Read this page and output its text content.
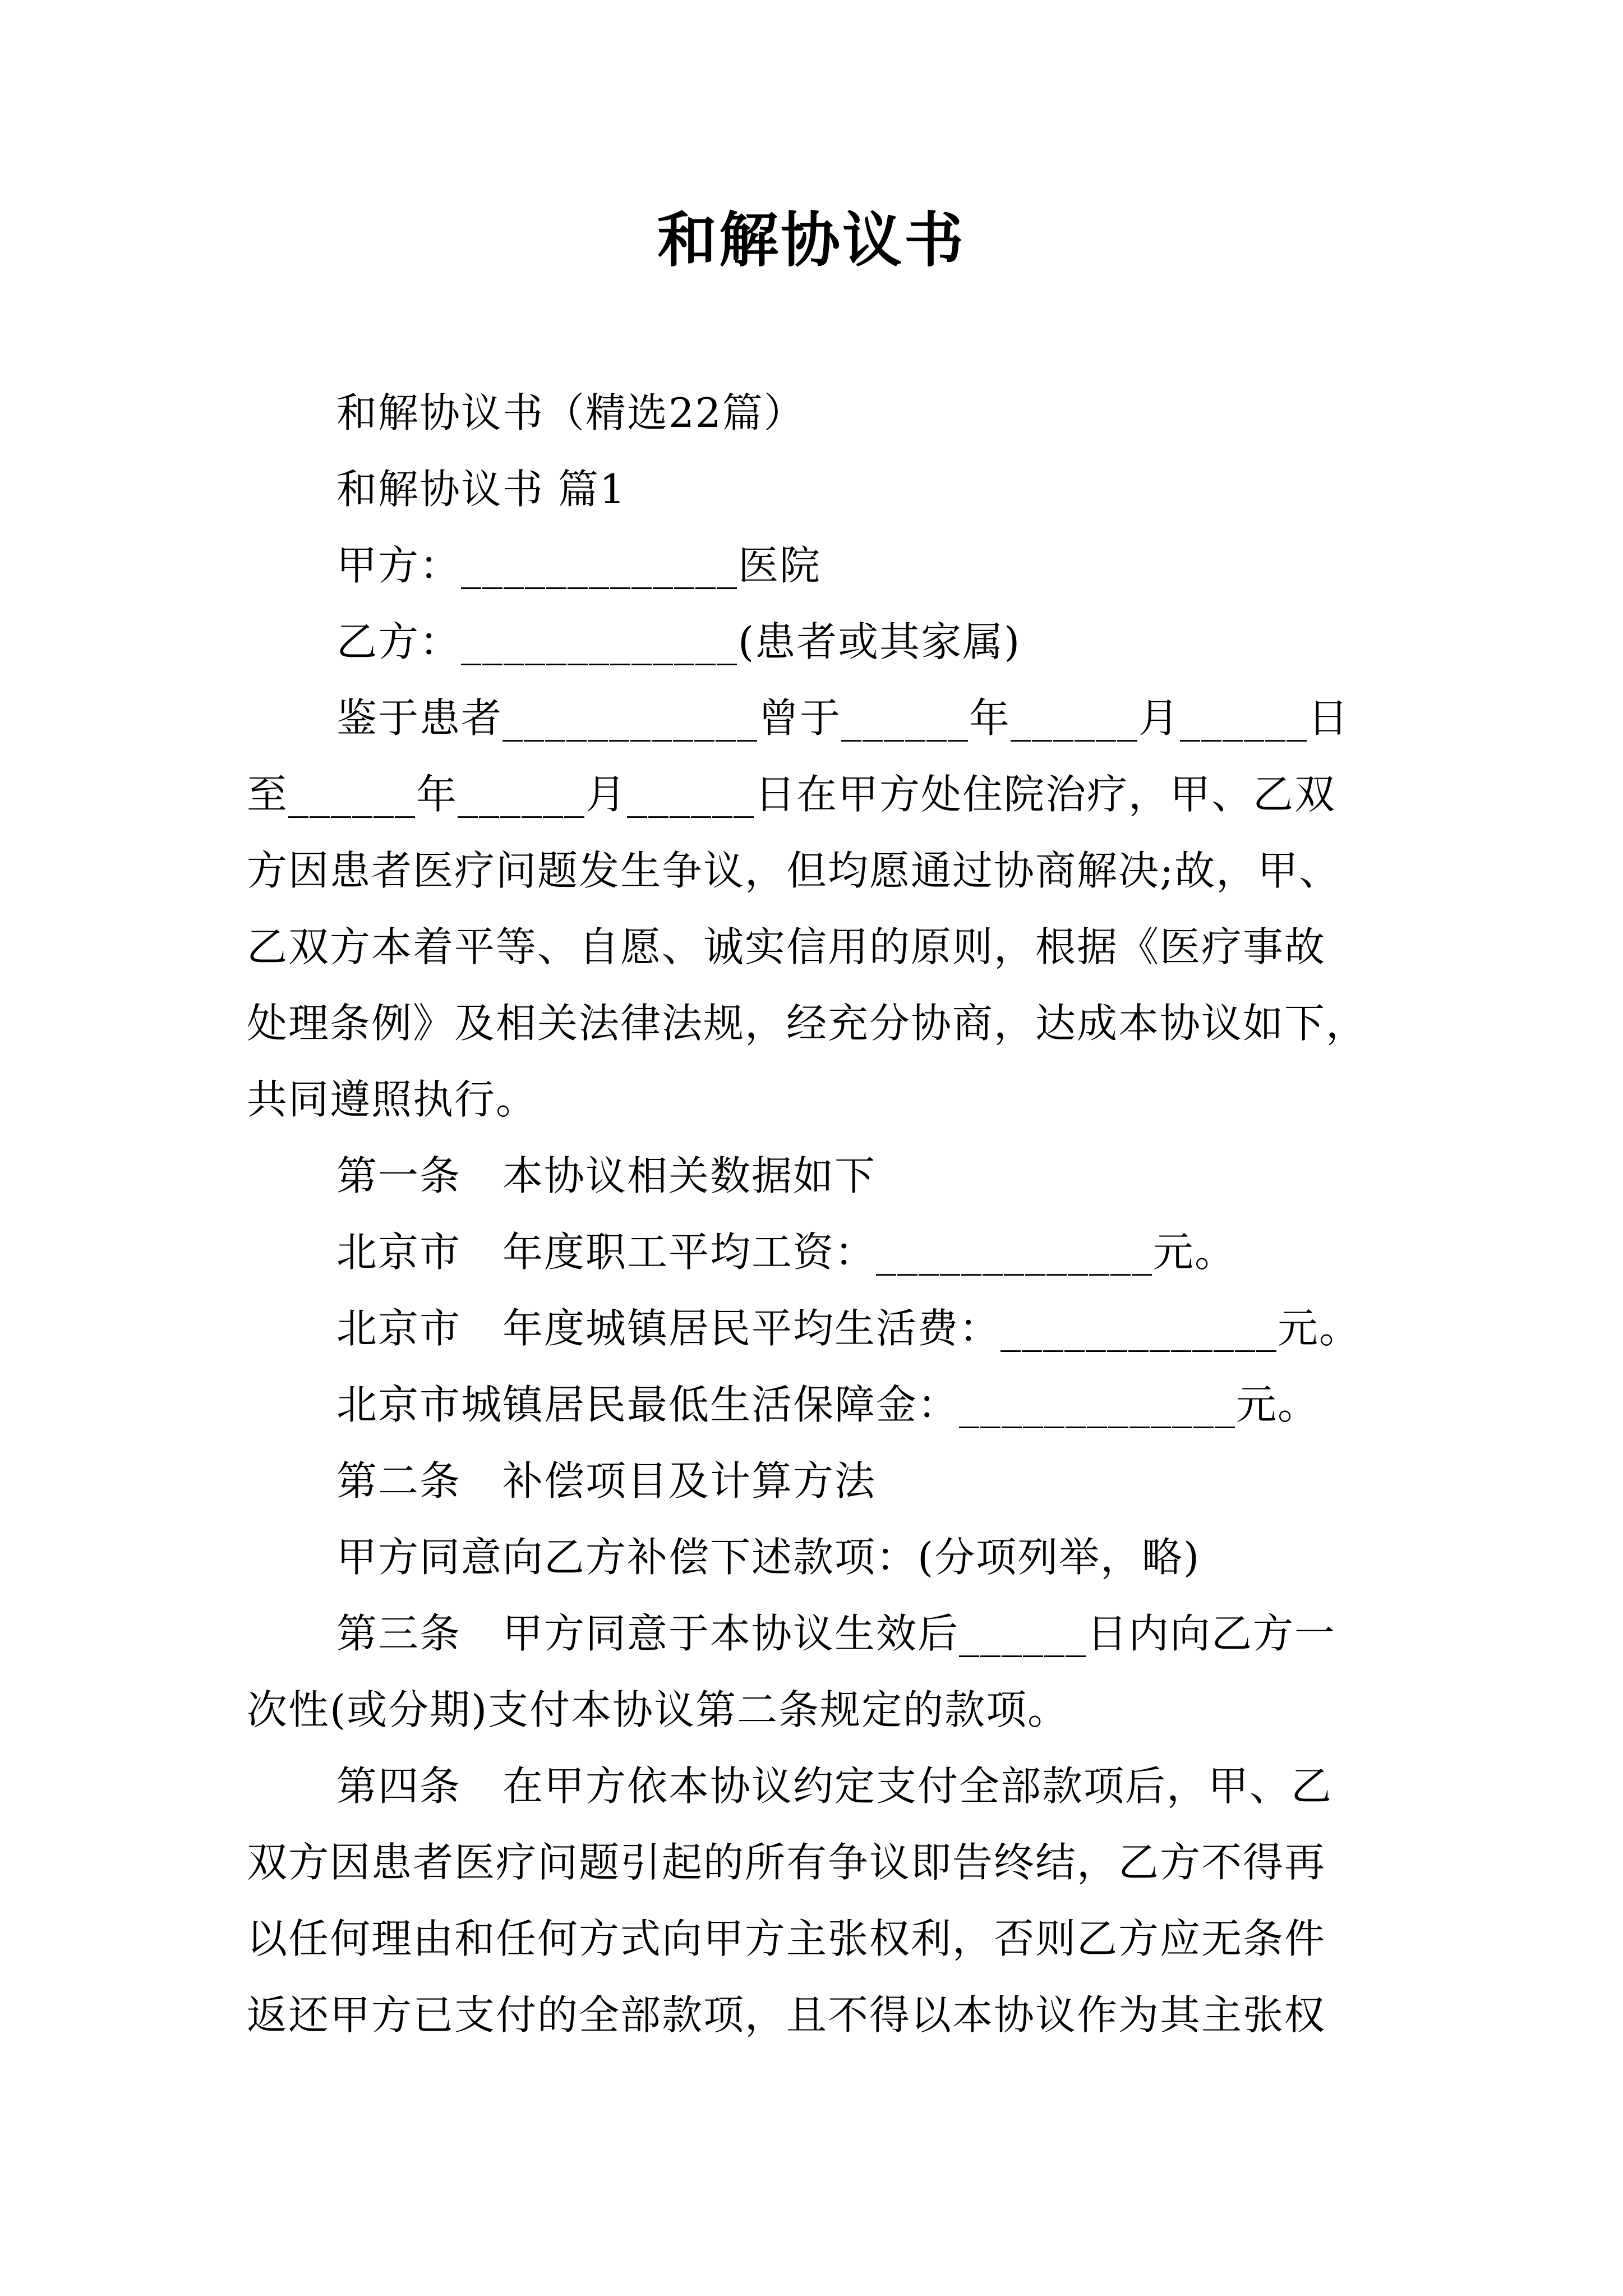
和解协议书
和解协议书（精选22篇）
和解协议书 篇1
甲方：_____________医院
乙方：_____________(患者或其家属)
鉴于患者____________曾于______年______月______日
至______年______月______日在甲方处住院治疗，甲、乙双
方因患者医疗问题发生争议，但均愿通过协商解决;故，甲、
乙双方本着平等、自愿、诚实信用的原则，根据《医疗事故
处理条例》及相关法律法规，经充分协商，达成本协议如下，
共同遵照执行。
第一条　本协议相关数据如下
北京市　年度职工平均工资：_____________元。
北京市　年度城镇居民平均生活费：_____________元。
北京市城镇居民最低生活保障金：_____________元。
第二条　补偿项目及计算方法
甲方同意向乙方补偿下述款项：(分项列举，略)
第三条　甲方同意于本协议生效后______日内向乙方一
次性(或分期)支付本协议第二条规定的款项。
第四条　在甲方依本协议约定支付全部款项后，甲、乙
双方因患者医疗问题引起的所有争议即告终结，乙方不得再
以任何理由和任何方式向甲方主张权利，否则乙方应无条件
返还甲方已支付的全部款项，且不得以本协议作为其主张权
